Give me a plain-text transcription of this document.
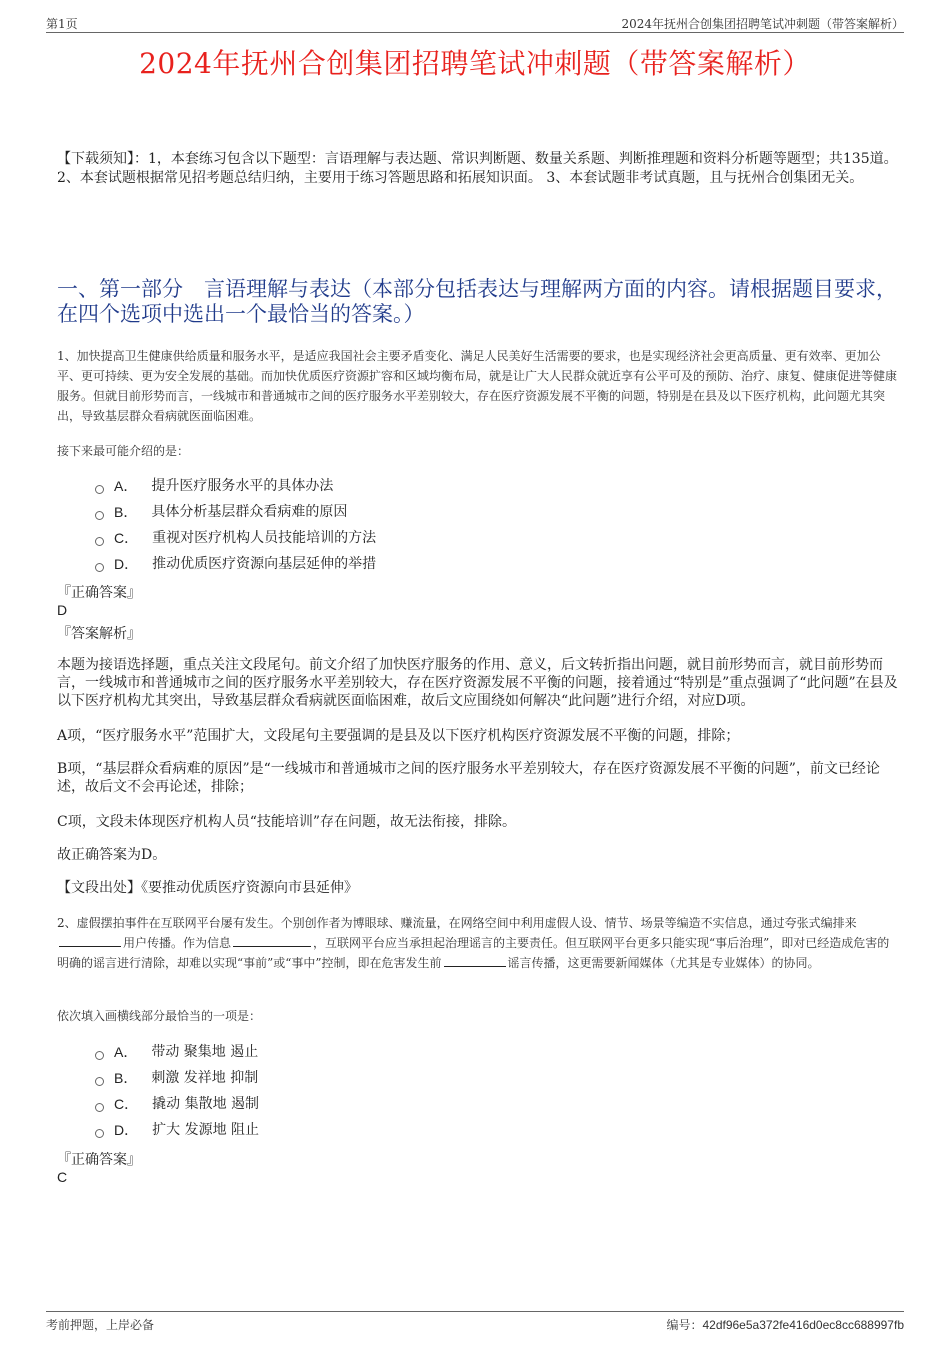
第1页	2024年抚州合创集团招聘笔试冲刺题（带答案解析）
2024年抚州合创集团招聘笔试冲刺题（带答案解析）
【下载须知】：1，本套练习包含以下题型：言语理解与表达题、常识判断题、数量关系题、判断推理题和资料分析题等题型；共135道。 2、本套试题根据常见招考题总结归纳，主要用于练习答题思路和拓展知识面。 3、本套试题非考试真题，且与抚州合创集团无关。
一、第一部分　言语理解与表达（本部分包括表达与理解两方面的内容。请根据题目要求，在四个选项中选出一个最恰当的答案。）
1、加快提高卫生健康供给质量和服务水平，是适应我国社会主要矛盾变化、满足人民美好生活需要的要求，也是实现经济社会更高质量、更有效率、更加公平、更可持续、更为安全发展的基础。而加快优质医疗资源扩容和区域均衡布局，就是让广大人民群众就近享有公平可及的预防、治疗、康复、健康促进等健康服务。但就目前形势而言，一线城市和普通城市之间的医疗服务水平差别较大，存在医疗资源发展不平衡的问题，特别是在县及以下医疗机构，此问题尤其突出，导致基层群众看病就医面临困难。
接下来最可能介绍的是：
A． 提升医疗服务水平的具体办法
B． 具体分析基层群众看病难的原因
C． 重视对医疗机构人员技能培训的方法
D． 推动优质医疗资源向基层延伸的举措
『正确答案』
D
『答案解析』
本题为接语选择题，重点关注文段尾句。前文介绍了加快医疗服务的作用、意义，后文转折指出问题，就目前形势而言，就目前形势而言，一线城市和普通城市之间的医疗服务水平差别较大，存在医疗资源发展不平衡的问题，接着通过“特别是”重点强调了“此问题”在县及以下医疗机构尤其突出，导致基层群众看病就医面临困难，故后文应围绕如何解决“此问题”进行介绍，对应D项。
A项，“医疗服务水平”范围扩大，文段尾句主要强调的是县及以下医疗机构医疗资源发展不平衡的问题，排除；
B项，“基层群众看病难的原因”是“一线城市和普通城市之间的医疗服务水平差别较大，存在医疗资源发展不平衡的问题”，前文已经论述，故后文不会再论述，排除；
C项，文段未体现医疗机构人员“技能培训”存在问题，故无法衔接，排除。
故正确答案为D。
【文段出处】《要推动优质医疗资源向市县延伸》
2、虚假摆拍事件在互联网平台屡有发生。个别创作者为博眼球、赚流量，在网络空间中利用虚假人设、情节、场景等编造不实信息，通过夸张式编排来用户传播。作为信息	，互联网平台应当承担起治理谣言的主要责任。但互联网平台更多只能实现“事后治理”，即对已经造成危害的明确的谣言进行清除，却难以实现“事前”或“事中”控制，即在危害发生前	谣言传播，这更需要新闻媒体（尤其是专业媒体）的协同。
依次填入画横线部分最恰当的一项是：
A． 带动 聚集地 遏止
B． 刺激 发祥地 抑制
C． 撬动 集散地 遏制
D． 扩大 发源地 阻止
『正确答案』
C
考前押题，上岸必备	编号：42df96e5a372fe416d0ec8cc688997fb
